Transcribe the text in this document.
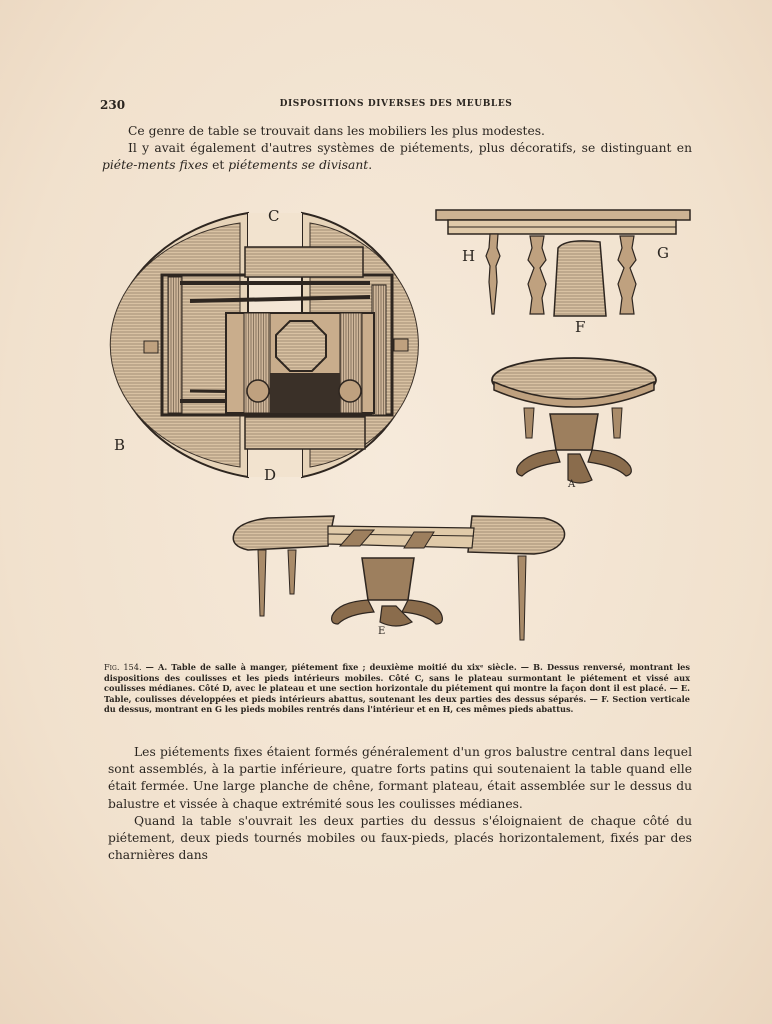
230	DISPOSITIONS DIVERSES DES MEUBLES

Ce genre de table se trouvait dans les mobiliers les plus modestes.

Il y avait également d'autres systèmes de piétements, plus décoratifs, se distinguant en piéte-ments fixes et piétements se divisant.

C
B
D
H	G
F
A
E
Fig. 154. — A. Table de salle à manger, piétement fixe ; deuxième moitié du xixᵉ siècle. — B. Dessus renversé, montrant les dispositions des coulisses et les pieds intérieurs mobiles. Côté C, sans le plateau surmontant le piétement et vissé aux coulisses médianes. Côté D, avec le plateau et une section horizontale du piétement qui montre la façon dont il est placé. — E. Table, coulisses développées et pieds intérieurs abattus, soutenant les deux parties des dessus séparés. — F. Section verticale du dessus, montrant en G les pieds mobiles rentrés dans l'intérieur et en H, ces mêmes pieds abattus.

Les piétements fixes étaient formés généralement d'un gros balustre central dans lequel sont assemblés, à la partie inférieure, quatre forts patins qui soutenaient la table quand elle était fermée. Une large planche de chêne, formant plateau, était assemblée sur le dessus du balustre et vissée à chaque extrémité sous les coulisses médianes.

Quand la table s'ouvrait les deux parties du dessus s'éloignaient de chaque côté du piétement, deux pieds tournés mobiles ou faux-pieds, placés horizontalement, fixés par des charnières dans
